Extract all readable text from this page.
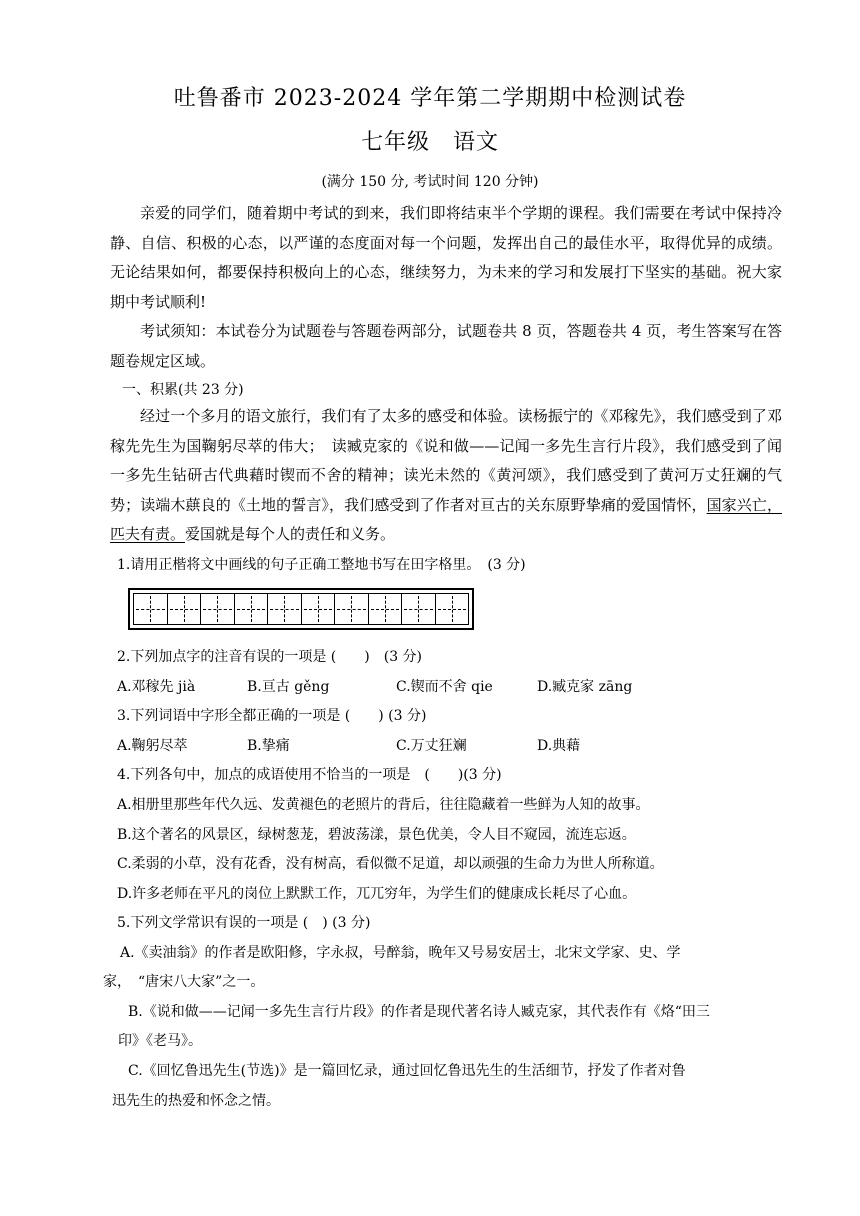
吐鲁番市 2023-2024 学年第二学期期中检测试卷
七年级　语文
(满分 150 分, 考试时间 120 分钟)

亲爱的同学们，随着期中考试的到来，我们即将结束半个学期的课程。我们需要在考试中保持冷静、自信、积极的心态，以严谨的态度面对每一个问题，发挥出自己的最佳水平，取得优异的成绩。无论结果如何，都要保持积极向上的心态，继续努力，为未来的学习和发展打下坚实的基础。祝大家期中考试顺利!

考试须知：本试卷分为试题卷与答题卷两部分，试题卷共 8 页，答题卷共 4 页，考生答案写在答题卷规定区域。

一、积累(共 23 分)

经过一个多月的语文旅行，我们有了太多的感受和体验。读杨振宁的《邓稼先》，我们感受到了邓稼先先生为国鞠躬尽萃的伟大；　读臧克家的《说和做——记闻一多先生言行片段》，我们感受到了闻一多先生钻研古代典藉时锲而不舍的精神；读光未然的《黄河颂》，我们感受到了黄河万丈狂斓的气势；读端木蕻良的《土地的誓言》，我们感受到了作者对亘古的关东原野挚痛的爱国情怀，国家兴亡，匹夫有责。爱国就是每个人的责任和义务。

1.请用正楷将文中画线的句子正确工整地书写在田字格里。　(3 分)
2.下列加点字的注音有误的一项是 (　　)　(3 分)
A.邓稼先 jià	B.亘古 gěng	C.锲而不舍 qie	D.臧克家 zāng
3.下列词语中字形全都正确的一项是 (　　) (3 分)
A.鞠躬尽萃	B.挚痛	C.万丈狂斓	D.典藉
4.下列各句中，加点的成语使用不恰当的一项是　(　　)(3 分)
A.相册里那些年代久远、发黄褪色的老照片的背后，往往隐藏着一些鲜为人知的故事。
B.这个著名的风景区，绿树葱茏，碧波荡漾，景色优美，令人目不窥园，流连忘返。
C.柔弱的小草，没有花香，没有树高，看似微不足道，却以顽强的生命力为世人所称道。
D.许多老师在平凡的岗位上默默工作，兀兀穷年，为学生们的健康成长耗尽了心血。
5.下列文学常识有误的一项是 (　) (3 分)
A.《卖油翁》的作者是欧阳修，字永叔，号醉翁，晚年又号易安居士，北宋文学家、史、学
家，　“唐宋八大家”之一。
B.《说和做——记闻一多先生言行片段》的作者是现代著名诗人臧克家，其代表作有《烙“田三
印》《老马》。
C.《回忆鲁迅先生(节选)》是一篇回忆录，通过回忆鲁迅先生的生活细节，抒发了作者对鲁
迅先生的热爱和怀念之情。
